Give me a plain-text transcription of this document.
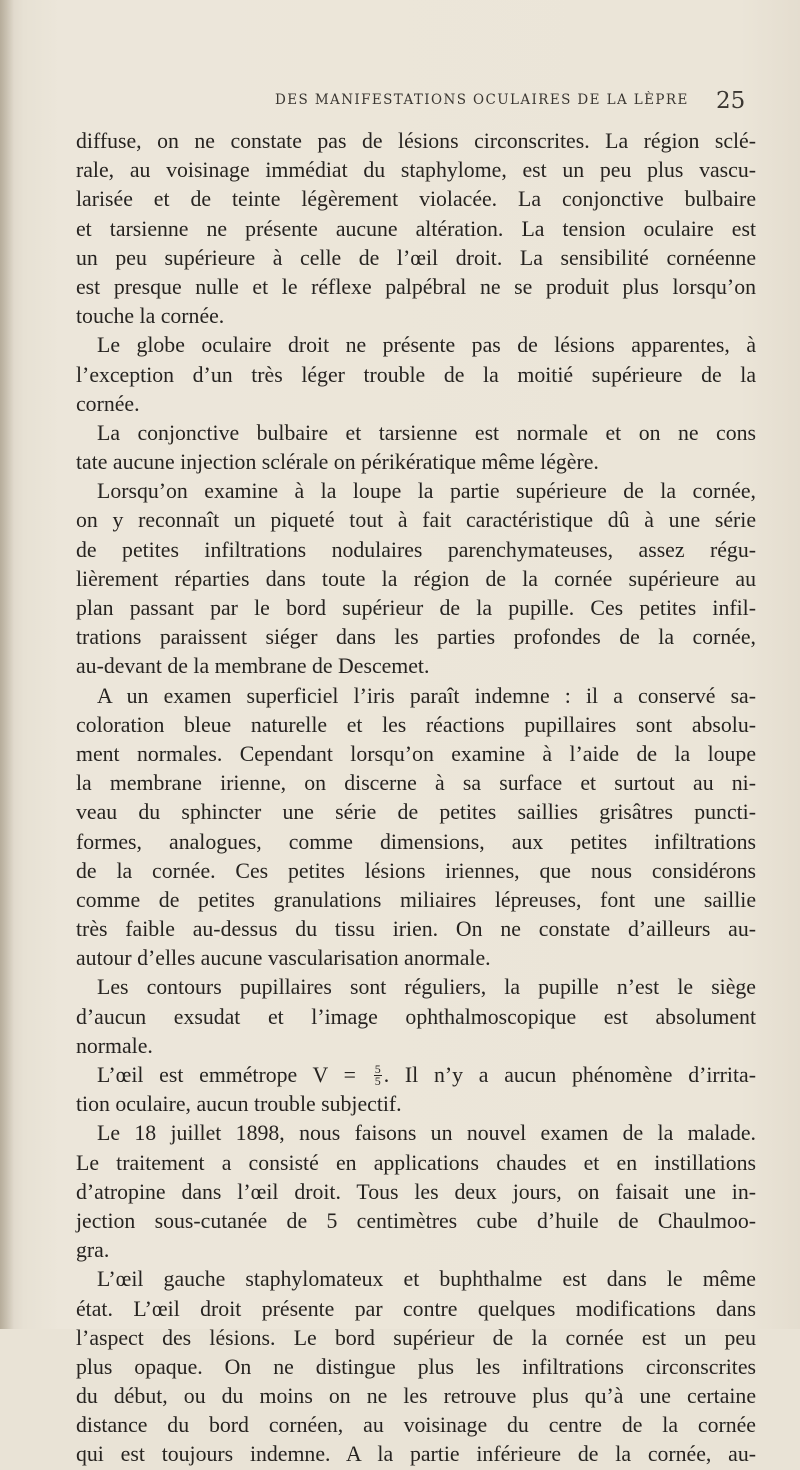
DES MANIFESTATIONS OCULAIRES DE LA LÈPRE 25
diffuse, on ne constate pas de lésions circonscrites. La région sclé-
rale, au voisinage immédiat du staphylome, est un peu plus vascu-
larisée et de teinte légèrement violacée. La conjonctive bulbaire
et tarsienne ne présente aucune altération. La tension oculaire est
un peu supérieure à celle de l’œil droit. La sensibilité cornéenne
est presque nulle et le réflexe palpébral ne se produit plus lorsqu’on
touche la cornée.
Le globe oculaire droit ne présente pas de lésions apparentes, à
l’exception d’un très léger trouble de la moitié supérieure de la
cornée.
La conjonctive bulbaire et tarsienne est normale et on ne cons
tate aucune injection sclérale on périkératique même légère.
Lorsqu’on examine à la loupe la partie supérieure de la cornée,
on y reconnaît un piqueté tout à fait caractéristique dû à une série
de petites infiltrations nodulaires parenchymateuses, assez régu-
lièrement réparties dans toute la région de la cornée supérieure au
plan passant par le bord supérieur de la pupille. Ces petites infil-
trations paraissent siéger dans les parties profondes de la cornée,
au-devant de la membrane de Descemet.
A un examen superficiel l’iris paraît indemne : il a conservé sa-
coloration bleue naturelle et les réactions pupillaires sont absolu-
ment normales. Cependant lorsqu’on examine à l’aide de la loupe
la membrane irienne, on discerne à sa surface et surtout au ni-
veau du sphincter une série de petites saillies grisâtres puncti-
formes, analogues, comme dimensions, aux petites infiltrations
de la cornée. Ces petites lésions iriennes, que nous considérons
comme de petites granulations miliaires lépreuses, font une saillie
très faible au-dessus du tissu irien. On ne constate d’ailleurs au-
autour d’elles aucune vascularisation anormale.
Les contours pupillaires sont réguliers, la pupille n’est le siège
d’aucun exsudat et l’image ophthalmoscopique est absolument
normale.
L’œil est emmétrope $V = \frac{5}{5}$ . Il n’y a aucun phénomène d’irrita-
tion oculaire, aucun trouble subjectif.
Le 18 juillet 1898, nous faisons un nouvel examen de la malade.
Le traitement a consisté en applications chaudes et en instillations
d’atropine dans l’œil droit. Tous les deux jours, on faisait une in-
jection sous-cutanée de 5 centimètres cube d’huile de Chaulmoo-
gra.
L’œil gauche staphylomateux et buphthalme est dans le même
état. L’œil droit présente par contre quelques modifications dans
l’aspect des lésions. Le bord supérieur de la cornée est un peu
plus opaque. On ne distingue plus les infiltrations circonscrites
du début, ou du moins on ne les retrouve plus qu’à une certaine
distance du bord cornéen, au voisinage du centre de la cornée
qui est toujours indemne. A la partie inférieure de la cornée, au-
